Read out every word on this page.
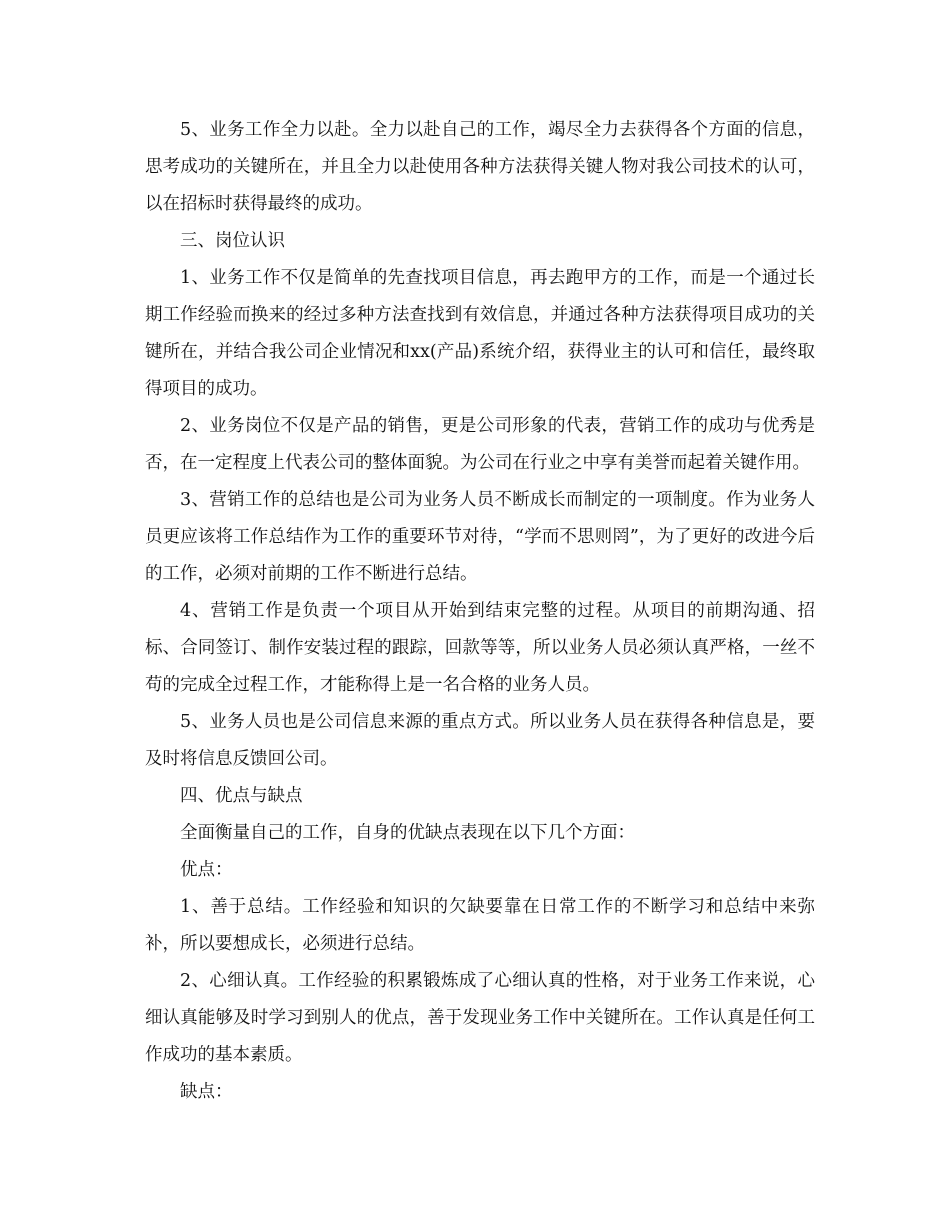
5、业务工作全力以赴。全力以赴自己的工作，竭尽全力去获得各个方面的信息，思考成功的关键所在，并且全力以赴使用各种方法获得关键人物对我公司技术的认可，以在招标时获得最终的成功。

三、岗位认识

1、业务工作不仅是简单的先查找项目信息，再去跑甲方的工作，而是一个通过长期工作经验而换来的经过多种方法查找到有效信息，并通过各种方法获得项目成功的关键所在，并结合我公司企业情况和xx(产品)系统介绍，获得业主的认可和信任，最终取得项目的成功。

2、业务岗位不仅是产品的销售，更是公司形象的代表，营销工作的成功与优秀是否，在一定程度上代表公司的整体面貌。为公司在行业之中享有美誉而起着关键作用。

3、营销工作的总结也是公司为业务人员不断成长而制定的一项制度。作为业务人员更应该将工作总结作为工作的重要环节对待，“学而不思则罔”，为了更好的改进今后的工作，必须对前期的工作不断进行总结。

4、营销工作是负责一个项目从开始到结束完整的过程。从项目的前期沟通、招标、合同签订、制作安装过程的跟踪，回款等等，所以业务人员必须认真严格，一丝不苟的完成全过程工作，才能称得上是一名合格的业务人员。

5、业务人员也是公司信息来源的重点方式。所以业务人员在获得各种信息是，要及时将信息反馈回公司。

四、优点与缺点

全面衡量自己的工作，自身的优缺点表现在以下几个方面：

优点：

1、善于总结。工作经验和知识的欠缺要靠在日常工作的不断学习和总结中来弥补，所以要想成长，必须进行总结。

2、心细认真。工作经验的积累锻炼成了心细认真的性格，对于业务工作来说，心细认真能够及时学习到别人的优点，善于发现业务工作中关键所在。工作认真是任何工作成功的基本素质。

缺点：
